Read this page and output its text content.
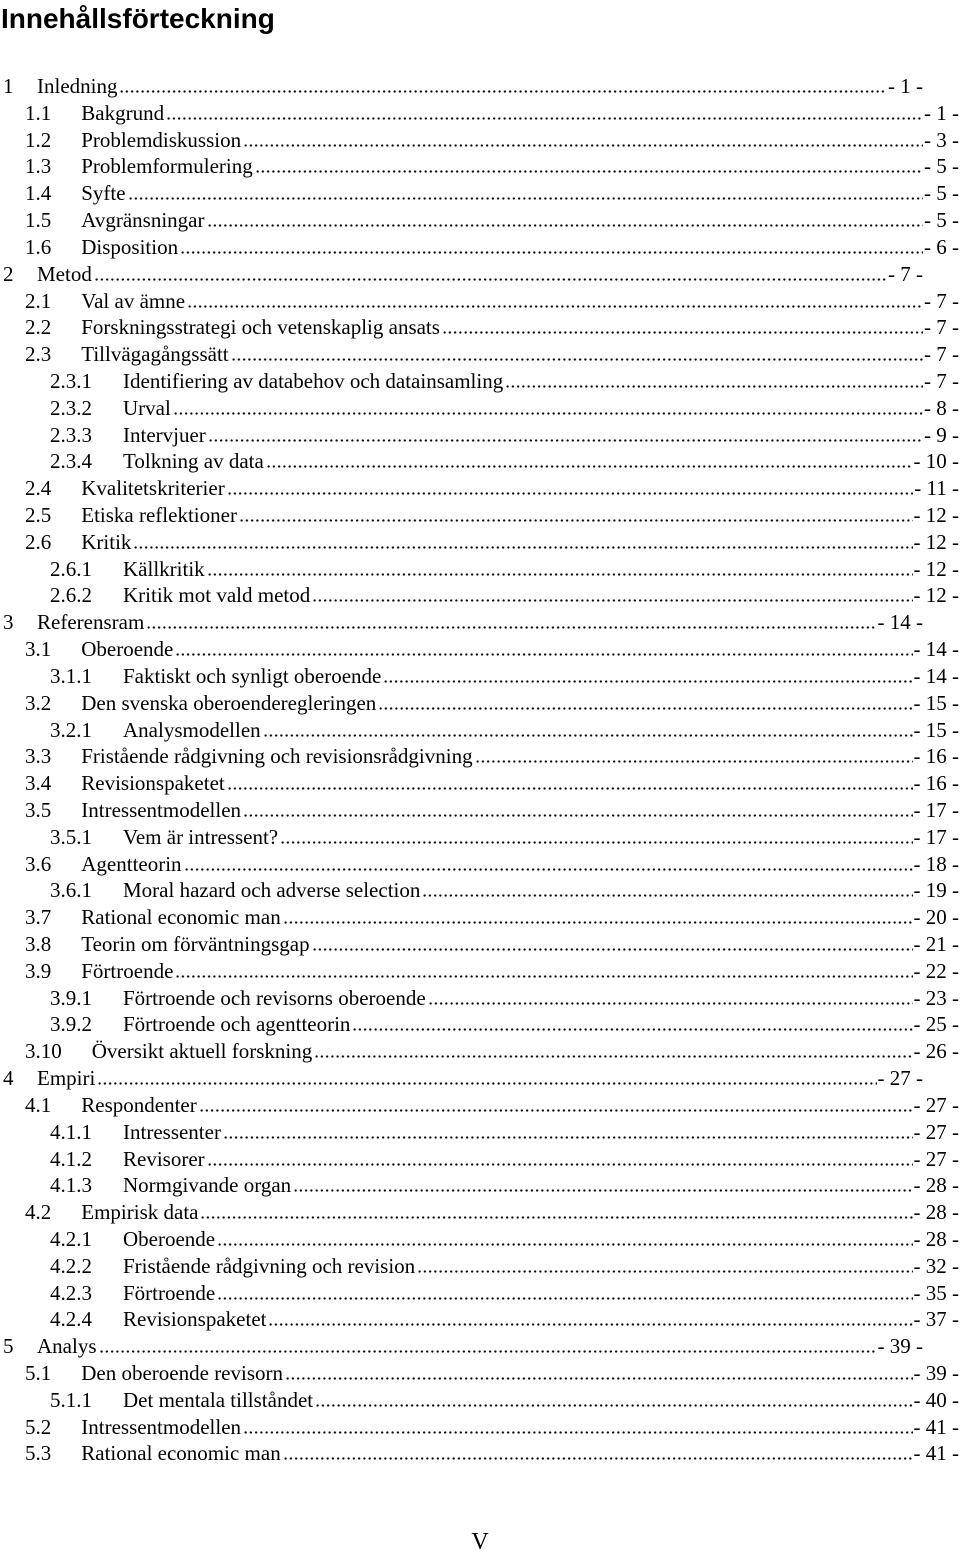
Innehållsförteckning
1	Inledning	- 1 -
1.1	Bakgrund	- 1 -
1.2	Problemdiskussion	- 3 -
1.3	Problemformulering	- 5 -
1.4	Syfte	- 5 -
1.5	Avgränsningar	- 5 -
1.6	Disposition	- 6 -
2	Metod	- 7 -
2.1	Val av ämne	- 7 -
2.2	Forskningsstrategi och vetenskaplig ansats	- 7 -
2.3	Tillvägagångssätt	- 7 -
2.3.1	Identifiering av databehov och datainsamling	- 7 -
2.3.2	Urval	- 8 -
2.3.3	Intervjuer	- 9 -
2.3.4	Tolkning av data	- 10 -
2.4	Kvalitetskriterier	- 11 -
2.5	Etiska reflektioner	- 12 -
2.6	Kritik	- 12 -
2.6.1	Källkritik	- 12 -
2.6.2	Kritik mot vald metod	- 12 -
3	Referensram	- 14 -
3.1	Oberoende	- 14 -
3.1.1	Faktiskt och synligt oberoende	- 14 -
3.2	Den svenska oberoenderegleringen	- 15 -
3.2.1	Analysmodellen	- 15 -
3.3	Fristående rådgivning och revisionsrådgivning	- 16 -
3.4	Revisionspaketet	- 16 -
3.5	Intressentmodellen	- 17 -
3.5.1	Vem är intressent?	- 17 -
3.6	Agentteorin	- 18 -
3.6.1	Moral hazard och adverse selection	- 19 -
3.7	Rational economic man	- 20 -
3.8	Teorin om förväntningsgap	- 21 -
3.9	Förtroende	- 22 -
3.9.1	Förtroende och revisorns oberoende	- 23 -
3.9.2	Förtroende och agentteorin	- 25 -
3.10	Översikt aktuell forskning	- 26 -
4	Empiri	- 27 -
4.1	Respondenter	- 27 -
4.1.1	Intressenter	- 27 -
4.1.2	Revisorer	- 27 -
4.1.3	Normgivande organ	- 28 -
4.2	Empirisk data	- 28 -
4.2.1	Oberoende	- 28 -
4.2.2	Fristående rådgivning och revision	- 32 -
4.2.3	Förtroende	- 35 -
4.2.4	Revisionspaketet	- 37 -
5	Analys	- 39 -
5.1	Den oberoende revisorn	- 39 -
5.1.1	Det mentala tillståndet	- 40 -
5.2	Intressentmodellen	- 41 -
5.3	Rational economic man	- 41 -
V
